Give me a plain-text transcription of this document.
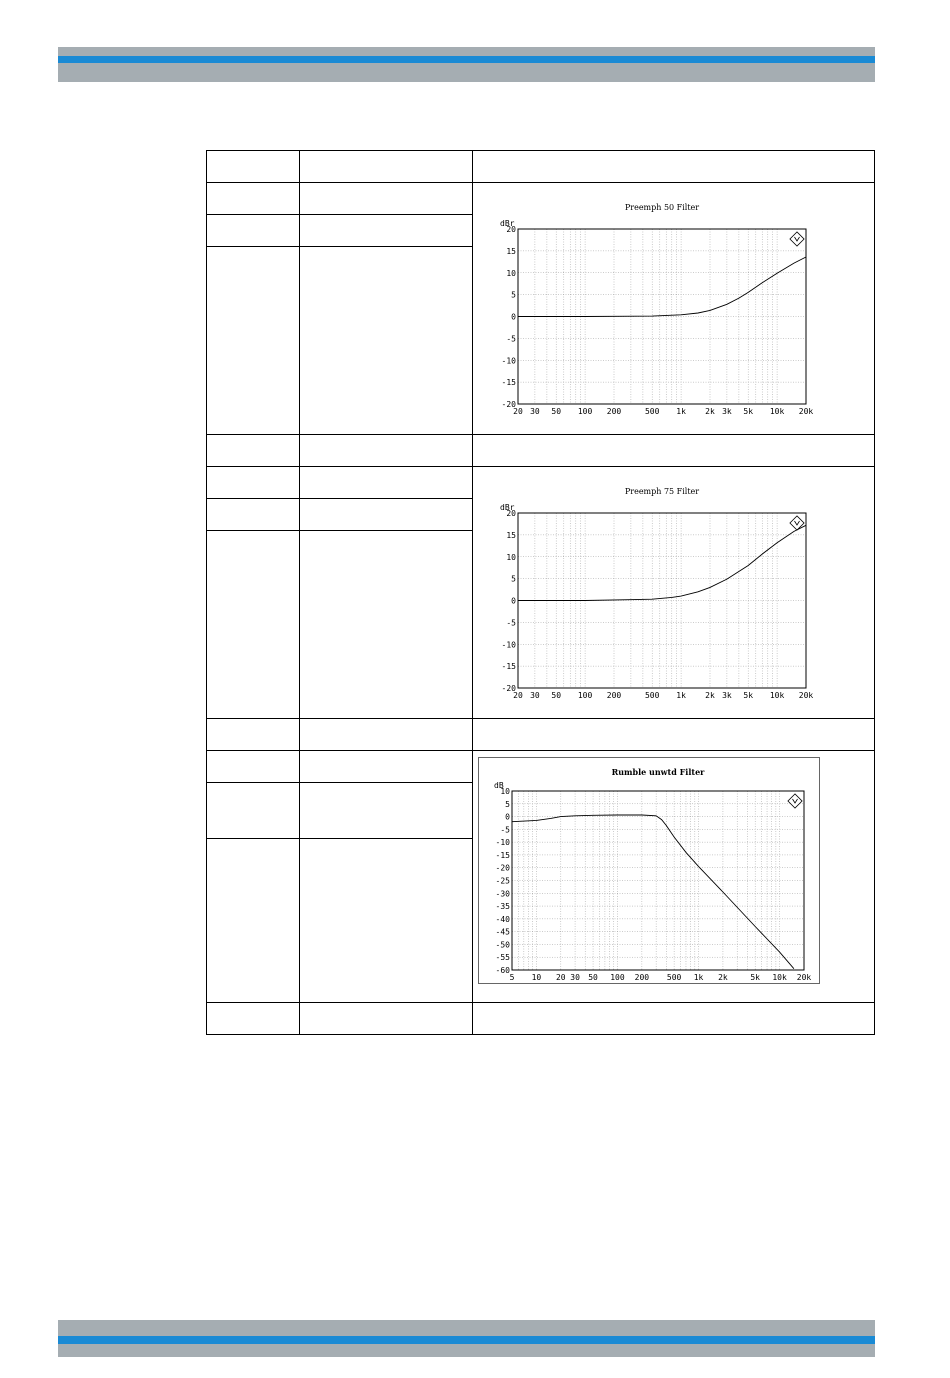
Preemph 50 Filter
dBr
20
15
10
5
0
-5
-10
-15
-20
20 30 50 100 200	500 1k 2k 3k 5k 10k 20k
Preemph 75 Filter
dBr
20
15
10
5
0
-5
-10
-15
-20
20 30 50 100 200	500 1k 2k 3k 5k 10k 20k
Rumble unwtd Filter
dB
10
5
0
-5
-10
-15
-20
-25
-30
-35
-40
-45
-50
-55
-60
5 10 20 30 50 100 200 500 1k 2k	5k 10k 20k
